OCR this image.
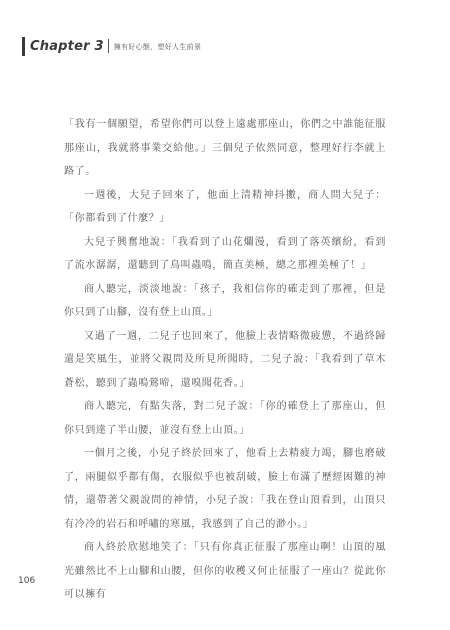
Chapter 3 擁有好心態，塑好人生前景

「我有一個願望，希望你們可以登上遠處那座山，你們之中誰能征服那座山，我就將事業交給他。」三個兒子依然同意，整理好行李就上路了。

一週後，大兒子回來了，他面上清精神抖擻，商人問大兒子：「你都看到了什麼？」

大兒子興奮地說：「我看到了山花爛漫，看到了落英繽紛，看到了流水潺潺，還聽到了鳥叫蟲鳴，簡直美極，總之那裡美極了！」

商人聽完，淡淡地說：「孩子，我相信你的確走到了那裡，但是你只到了山腳，沒有登上山頂。」

又過了一週，二兒子也回來了，他臉上表情略微疲憊，不過終歸還是笑風生，並將父親問及所見所聞時，二兒子說：「我看到了草木蒼松，聽到了蟲鳴鶯啼，還嗅聞花香。」

商人聽完，有點失落，對二兒子說：「你的確登上了那座山，但你只到達了半山腰，並沒有登上山頂。」

一個月之後，小兒子終於回來了，他看上去精疲力竭，腳也磨破了，兩腿似乎都有傷，衣服似乎也被刮破，臉上布滿了歷經困難的神情，還帶著父親說問的神情，小兒子說：「我在登山頂看到，山頂只有冷冷的岩石和呼嘯的寒風，我感到了自己的渺小。」

商人終於欣慰地笑了：「只有你真正征服了那座山啊！山頂的風光雖然比不上山腳和山腰，但你的收穫又何止征服了一座山？從此你可以擁有

106
